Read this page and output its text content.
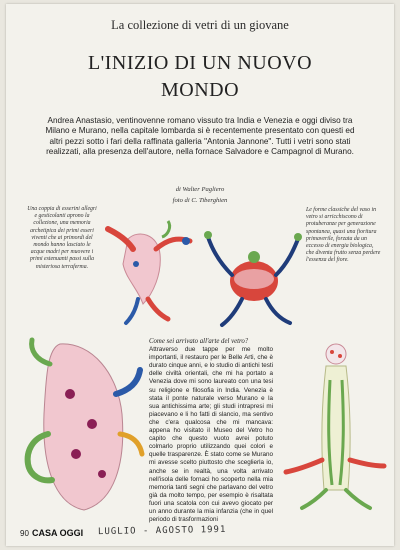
La collezione di vetri di un giovane
L'INIZIO DI UN NUOVO
MONDO
Andrea Anastasio, ventinovenne romano vissuto tra India e Venezia e oggi diviso tra Milano e Murano, nella capitale lombarda si è recentemente presentato con questi ed altri pezzi sotto i fari della raffinata galleria "Antonia Jannone". Tutti i vetri sono stati realizzati, alla presenza dell'autore, nella fornace Salvadore e Campagnol di Murano.
di Walter Pagliero
foto di C. Tiberghien
Una coppia di esserini allegri e gesticolanti aprono la collezione, una memoria archetipica dei primi esseri viventi che ai primordi del mondo hanno lasciato le acque madri per muovere i primi estenuanti passi sulla misteriosa terraferma.
Le forme classiche del vaso in vetro si arricchiscono di protuberanze per generazione spontanea, quasi una fioritura primaverile, forzata da un eccesso di energia biologica, che diventa frutto senza perdere l'essenza del fiore.
Come sei arrivato all'arte del vetro?
Attraverso due tappe per me molto importanti, il restauro per le Belle Arti, che è durato cinque anni, e lo studio di antichi testi delle civiltà orientali, che mi ha portato a Venezia dove mi sono laureato con una tesi su religione e filosofia in India. Venezia è stata il ponte naturale verso Murano e la sua antichissima arte; gli studi intrapresi mi piacevano e li ho fatti di slancio, ma sentivo che c'era qualcosa che mi mancava: appena ho visitato il Museo del Vetro ho capito che questo vuoto avrei potuto colmarlo proprio utilizzando quei colori e quelle trasparenze. È stato come se Murano mi avesse scelto piuttosto che sceglierla io, anche se in realtà, una volta arrivato nell'isola delle fornaci ho scoperto nella mia memoria tanti segni che parlavano del vetro già da molto tempo, per esempio è risaltata fuori una scatola con cui avevo giocato per un anno durante la mia infanzia (che in quel periodo di trasformazioni
90 CASA OGGI LUGLIO - AGOSTO 1991
